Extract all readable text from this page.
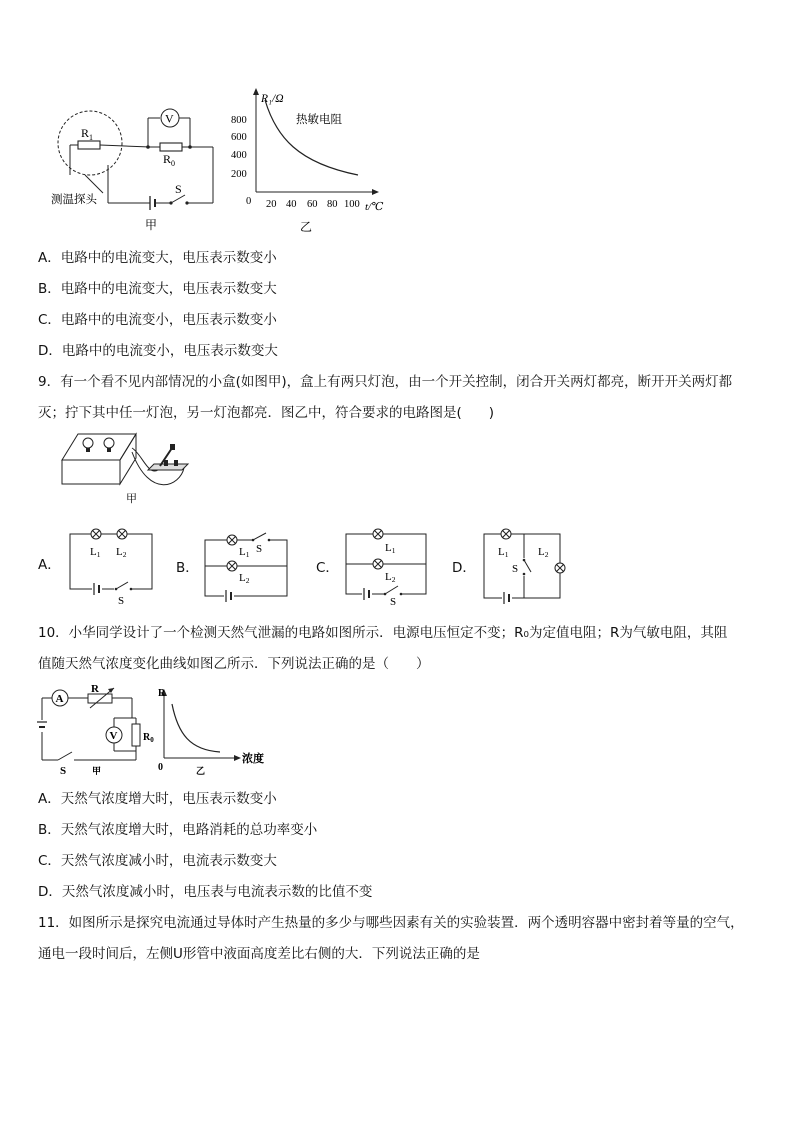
$R_1$
S
$R_0$
V
测温探头
甲
R₁/Ω
热敏电阻
800
600
400
200
0 20 40 60 80 100 t/℃
乙
A．电路中的电流变大，电压表示数变小
B．电路中的电流变大，电压表示数变大
C．电路中的电流变小，电压表示数变小
D．电路中的电流变小，电压表示数变大
9．有一个看不见内部情况的小盒(如图甲)，盒上有两只灯泡，由一个开关控制，闭合开关两灯都亮，断开开关两灯都
灭；拧下其中任一灯泡，另一灯泡都亮．图乙中，符合要求的电路图是(　　)
甲
A．	B．	C．	D．
L1 L2
S
L1 S
L2
L1
L2
S
L1
S
L2
10．小华同学设计了一个检测天然气泄漏的电路如图所示．电源电压恒定不变；R₀为定值电阻；R为气敏电阻，其阻
值随天然气浓度变化曲线如图乙所示．下列说法正确的是（　　）
A
R
V	$R_0$
S	甲
R
0
浓度
乙
A．天然气浓度增大时，电压表示数变小
B．天然气浓度增大时，电路消耗的总功率变小
C．天然气浓度减小时，电流表示数变大
D．天然气浓度减小时，电压表与电流表示数的比值不变
11．如图所示是探究电流通过导体时产生热量的多少与哪些因素有关的实验装置．两个透明容器中密封着等量的空气，
通电一段时间后，左侧U形管中液面高度差比右侧的大．下列说法正确的是
